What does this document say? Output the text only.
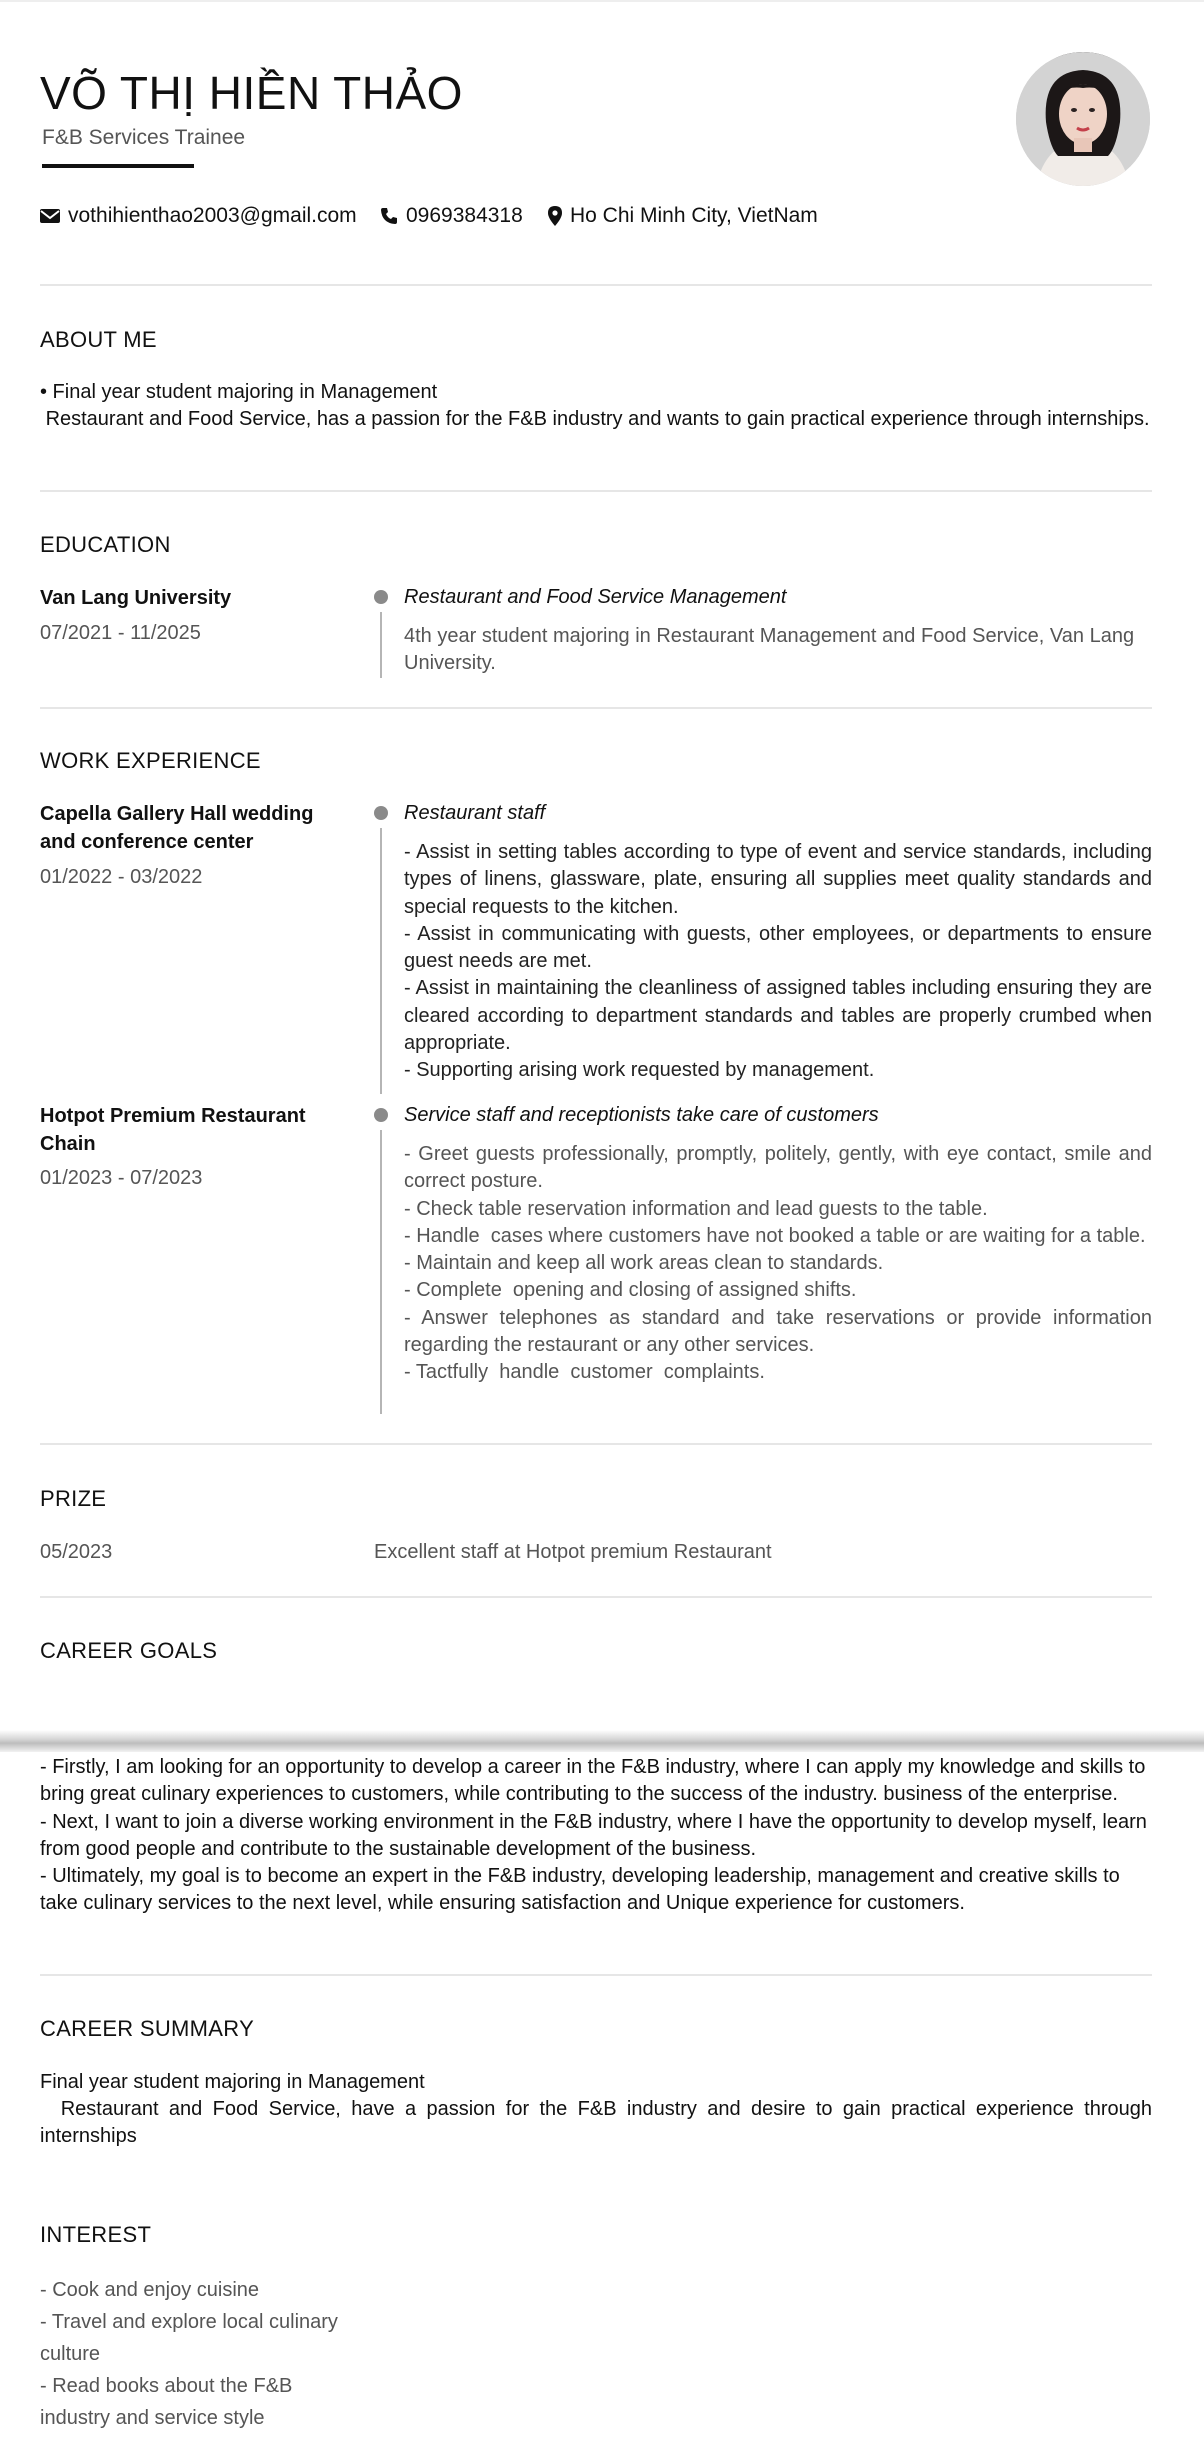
VÕ THỊ HIỀN THẢO
F&B Services Trainee
vothihienthao2003@gmail.com 0969384318 Ho Chi Minh City, VietNam
ABOUT ME
• Final year student majoring in Management
Restaurant and Food Service, has a passion for the F&B industry and wants to gain practical experience through internships.
EDUCATION
Van Lang University
07/2021 - 11/2025
Restaurant and Food Service Management
4th year student majoring in Restaurant Management and Food Service, Van Lang University.
WORK EXPERIENCE
Capella Gallery Hall wedding and conference center
01/2022 - 03/2022
Restaurant staff
- Assist in setting tables according to type of event and service standards, including types of linens, glassware, plate, ensuring all supplies meet quality standards and special requests to the kitchen.
- Assist in communicating with guests, other employees, or departments to ensure guest needs are met.
- Assist in maintaining the cleanliness of assigned tables including ensuring they are cleared according to department standards and tables are properly crumbed when appropriate.
- Supporting arising work requested by management.
Hotpot Premium Restaurant Chain
01/2023 - 07/2023
Service staff and receptionists take care of customers
- Greet guests professionally, promptly, politely, gently, with eye contact, smile and correct posture.
- Check table reservation information and lead guests to the table.
- Handle  cases where customers have not booked a table or are waiting for a table.
- Maintain and keep all work areas clean to standards.
- Complete  opening and closing of assigned shifts.
- Answer telephones as standard and take reservations or provide information regarding the restaurant or any other services.
- Tactfully  handle  customer  complaints.
PRIZE
05/2023	Excellent staff at Hotpot premium Restaurant
CAREER GOALS
- Firstly, I am looking for an opportunity to develop a career in the F&B industry, where I can apply my knowledge and skills to bring great culinary experiences to customers, while contributing to the success of the industry. business of the enterprise.
- Next, I want to join a diverse working environment in the F&B industry, where I have the opportunity to develop myself, learn from good people and contribute to the sustainable development of the business.
- Ultimately, my goal is to become an expert in the F&B industry, developing leadership, management and creative skills to take culinary services to the next level, while ensuring satisfaction and Unique experience for customers.
CAREER SUMMARY
Final year student majoring in Management
Restaurant and Food Service, have a passion for the F&B industry and desire to gain practical experience through internships
INTEREST
- Cook and enjoy cuisine
- Travel and explore local culinary culture
- Read books about the F&B industry and service style
